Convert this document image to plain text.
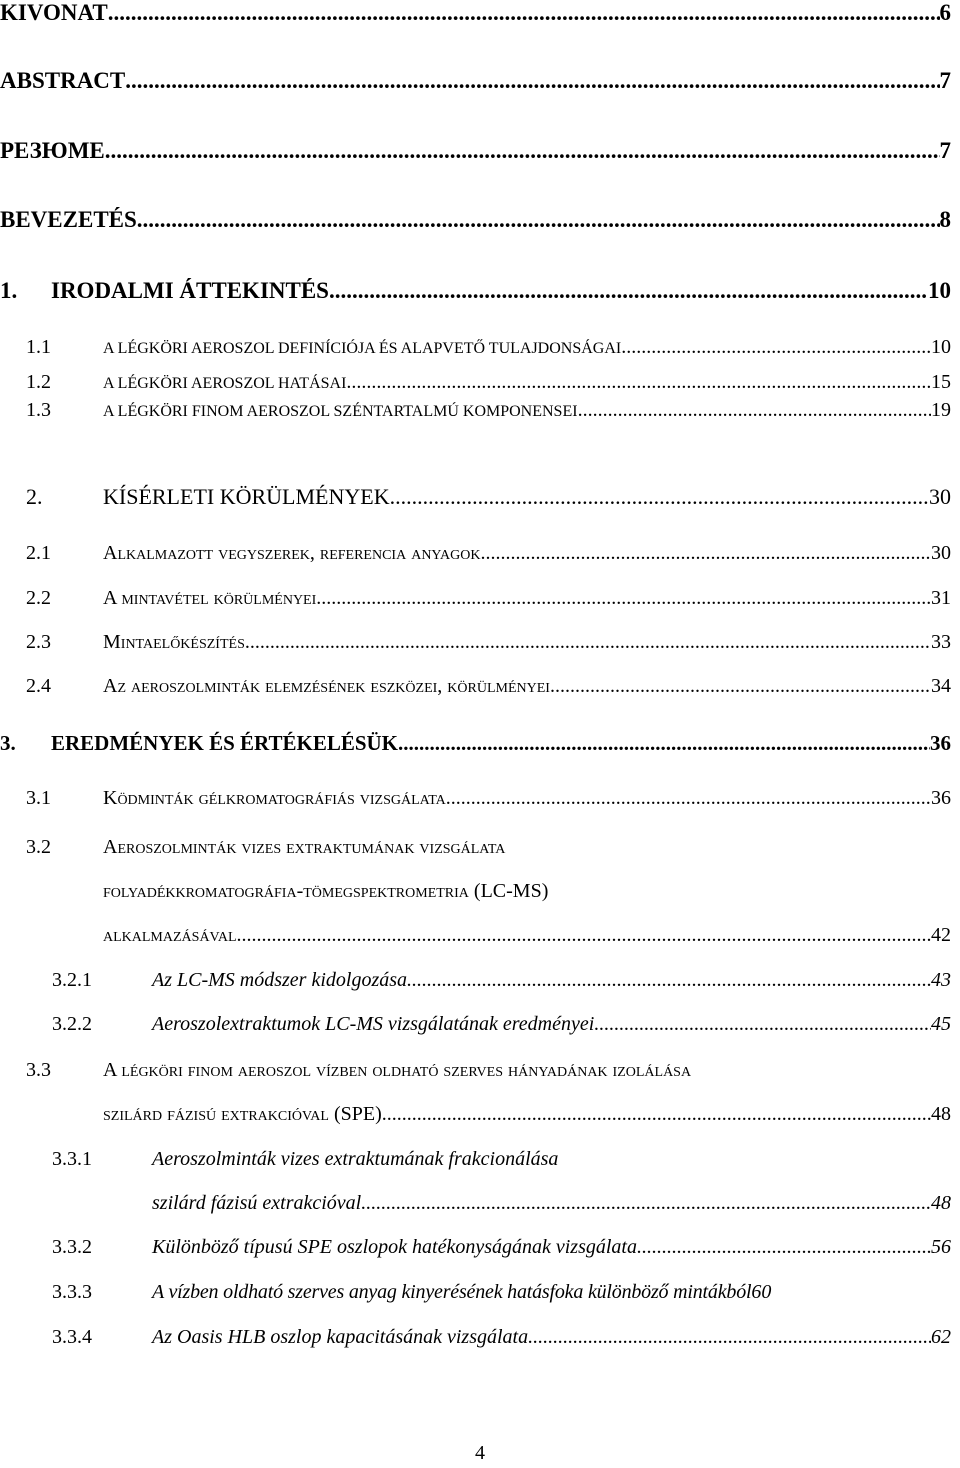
KIVONAT .....	6
ABSTRACT .....	7
РЕЗЮМЕ .....	7
BEVEZETÉS .....	8
1.	IRODALMI ÁTTEKINTÉS .....	10
1.1	A LÉGKÖRI AEROSZOL DEFINÍCIÓJA ÉS ALAPVETŐ TULAJDONSÁGAI .....	10
1.2	A LÉGKÖRI AEROSZOL HATÁSAI .....	15
1.3	A LÉGKÖRI FINOM AEROSZOL SZÉNTARTALMÚ KOMPONENSEI .....	19
2.	KÍSÉRLETI KÖRÜLMÉNYEK .....	30
2.1	Alkalmazott vegyszerek, referencia anyagok .....	30
2.2	A mintavétel körülményei .....	31
2.3	Mintaelőkészítés .....	33
2.4	Az aeroszolminták elemzésének eszközei, körülményei .....	34
3.	EREDMÉNYEK ÉS ÉRTÉKELÉSÜK .....	36
3.1	Ködminták gélkromatográfiás vizsgálata .....	36
3.2	Aeroszolminták vizes extraktumának vizsgálata
folyadékkromatográfia-tömegspektrometria (LC-MS)
alkalmazásával .....	42
3.2.1	Az LC-MS módszer kidolgozása .....	43
3.2.2	Aeroszolextraktumok LC-MS vizsgálatának eredményei .....	45
3.3	A légköri finom aeroszol vízben oldható szerves hányadának izolálása
szilárd fázisú extrakcióval (SPE) .....	48
3.3.1	Aeroszolminták vizes extraktumának frakcionálása
szilárd fázisú extrakcióval .....	48
3.3.2	Különböző típusú SPE oszlopok hatékonyságának vizsgálata .....	56
3.3.3	A vízben oldható szerves anyag kinyerésének hatásfoka különböző mintákból 60
3.3.4	Az Oasis HLB oszlop kapacitásának vizsgálata .....	62
4
